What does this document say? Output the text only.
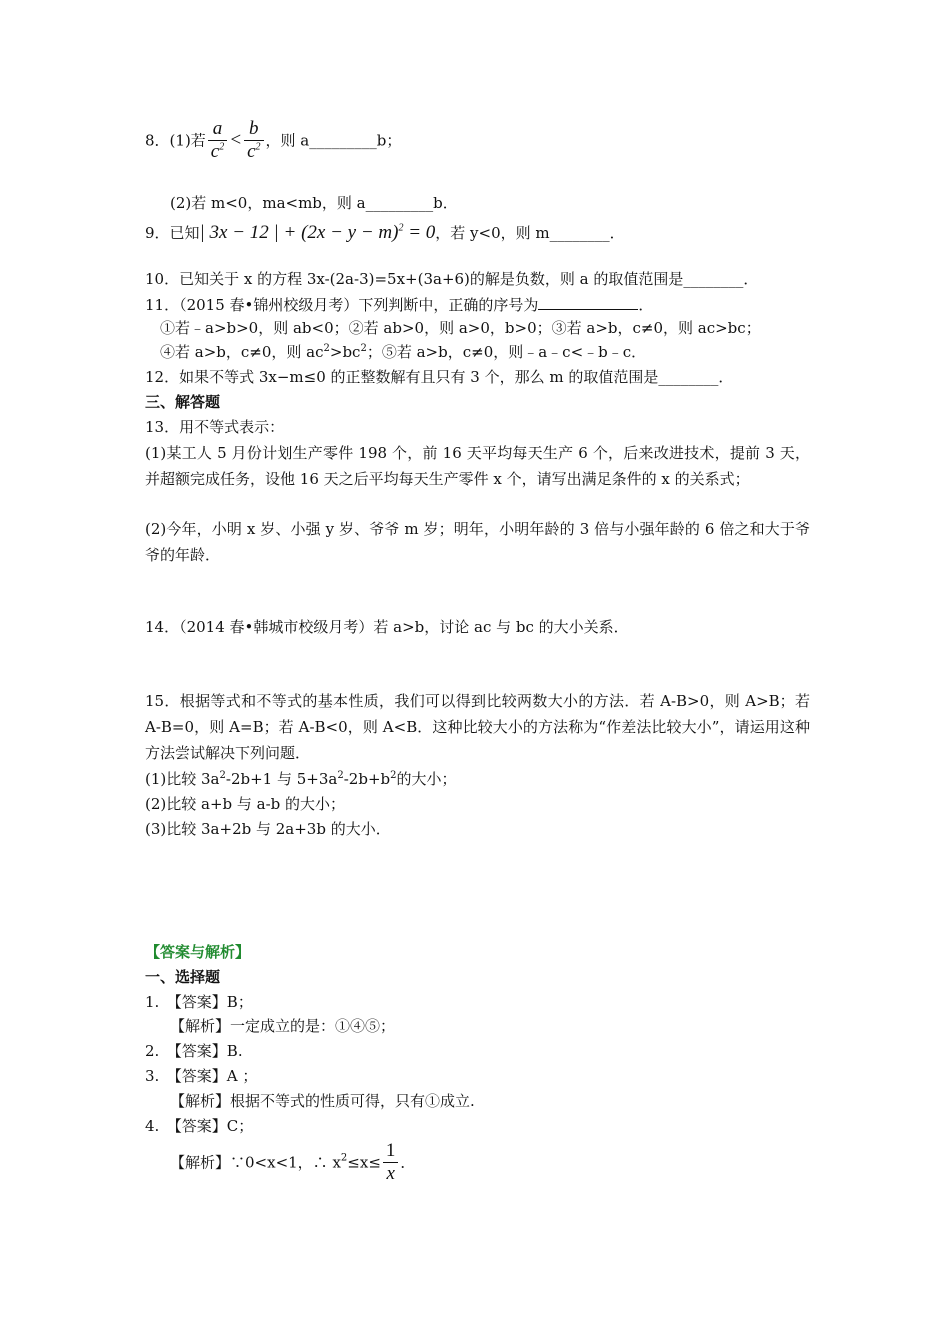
8．(1)若 $\frac{a}{c^2} < \frac{b}{c^2}$ ，则 a_________b；
(2)若 m<0，ma<mb，则 a_________b．
9．已知| 3x − 12 | + $(2x - y - m)^2 = 0$，若 y<0，则 m________．
10．已知关于 x 的方程 3x-(2a-3)=5x+(3a+6)的解是负数，则 a 的取值范围是________．
11．（2015 春•锦州校级月考）下列判断中，正确的序号为	．
①若﹣a>b>0，则 ab<0；②若 ab>0，则 a>0，b>0；③若 a>b，c≠0，则 ac>bc；
④若 a>b，c≠0，则 $ac^2>bc^2$；⑤若 a>b，c≠0，则﹣a﹣c<﹣b﹣c．
12．如果不等式 3x−m≤0 的正整数解有且只有 3 个，那么 m 的取值范围是________．
三、解答题
13．用不等式表示：
(1)某工人 5 月份计划生产零件 198 个，前 16 天平均每天生产 6 个，后来改进技术，提前 3 天，并超额完成任务，设他 16 天之后平均每天生产零件 x 个，请写出满足条件的 x 的关系式；
(2)今年，小明 x 岁、小强 y 岁、爷爷 m 岁；明年，小明年龄的 3 倍与小强年龄的 6 倍之和大于爷爷的年龄．
14．（2014 春•韩城市校级月考）若 a>b，讨论 ac 与 bc 的大小关系．
15．根据等式和不等式的基本性质，我们可以得到比较两数大小的方法．若 A-B>0，则 A>B；若 A-B=0，则 A=B；若 A-B<0，则 A<B．这种比较大小的方法称为“作差法比较大小”，请运用这种方法尝试解决下列问题．
(1)比较 $3a^2-2b+1$ 与 $5+3a^2-2b+b^2$的大小；
(2)比较 a+b 与 a-b 的大小；
(3)比较 3a+2b 与 2a+3b 的大小．
【答案与解析】
一、选择题
1.　【答案】B；
【解析】一定成立的是：①④⑤；
2.　【答案】B.
3.　【答案】A ；
【解析】根据不等式的性质可得，只有①成立.
4.　【答案】C；
【解析】∵0<x<1，∴ $x^2\le x\le \frac{1}{x}$ ．
